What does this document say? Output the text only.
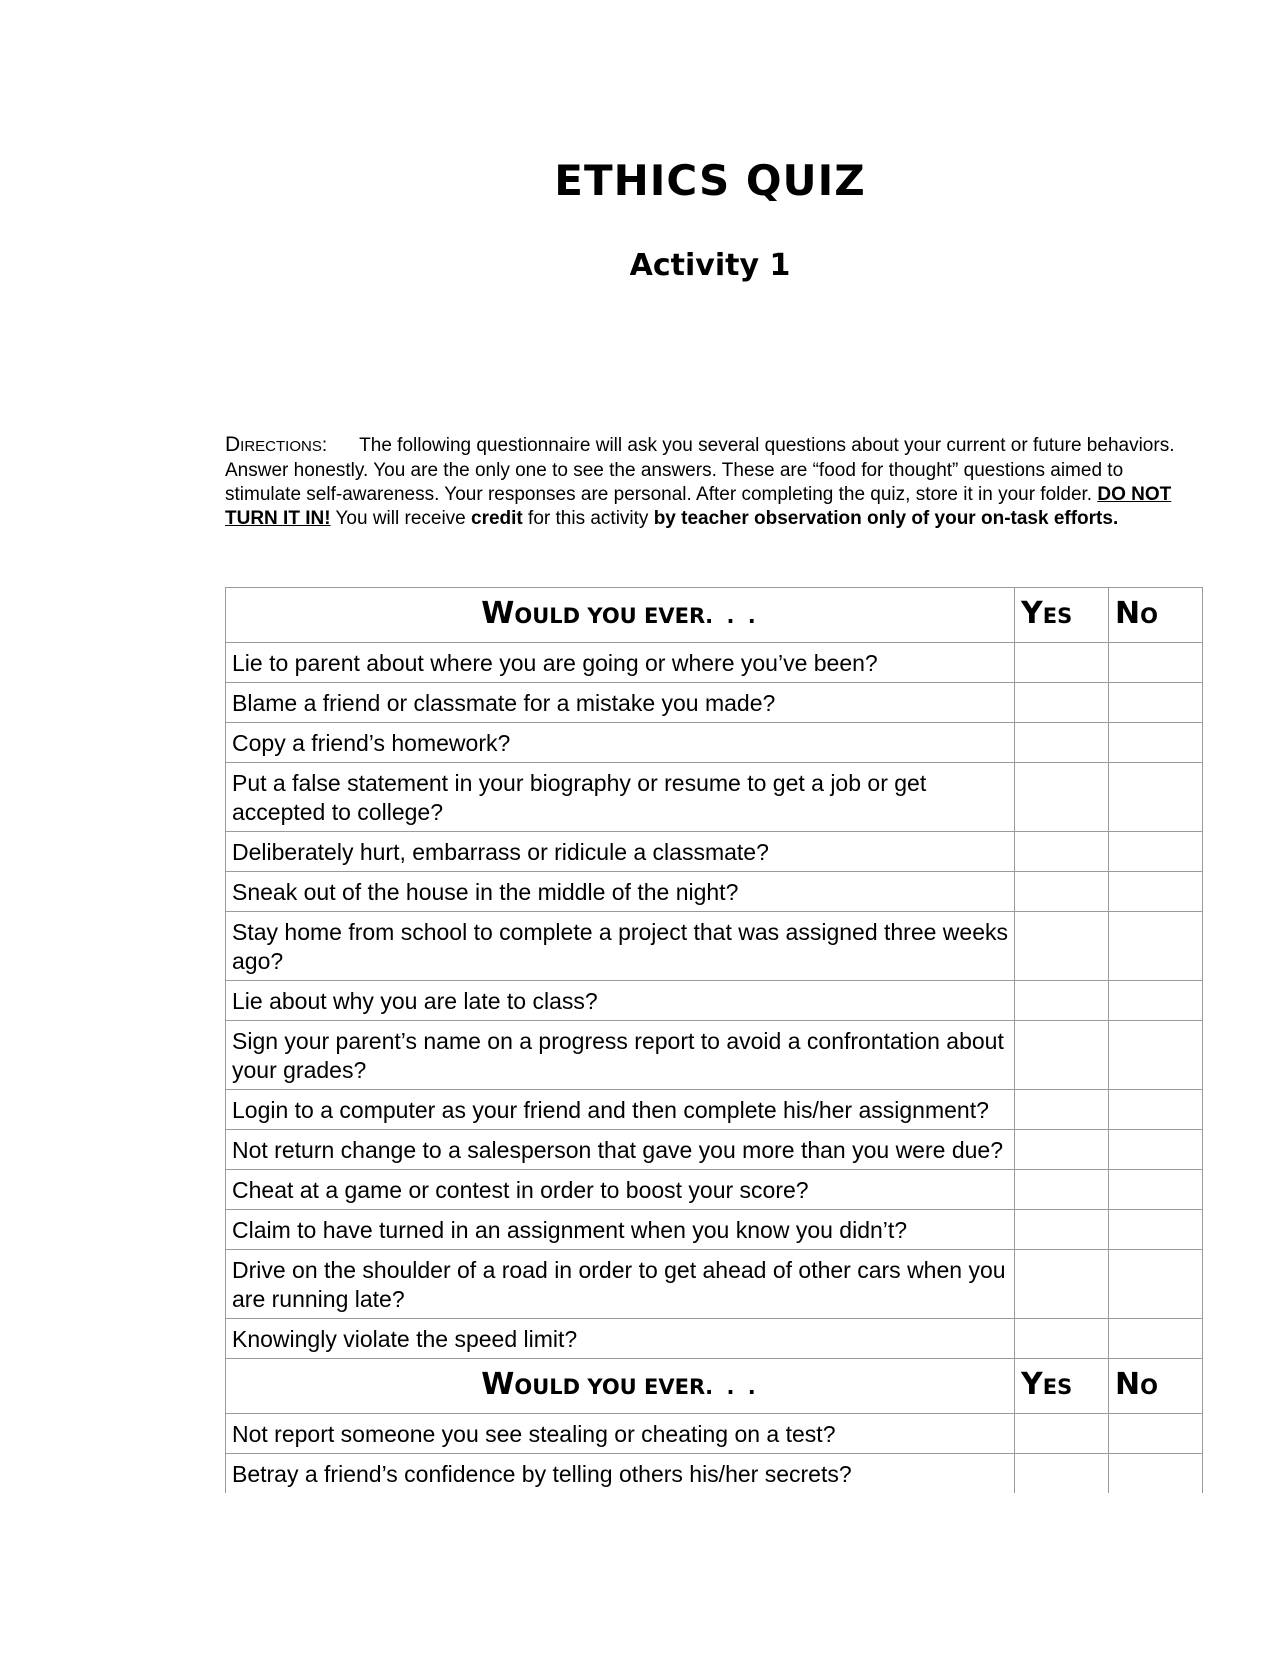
ETHICS QUIZ
Activity 1
DIRECTIONS: The following questionnaire will ask you several questions about your current or future behaviors. Answer honestly. You are the only one to see the answers. These are “food for thought” questions aimed to stimulate self-awareness. Your responses are personal. After completing the quiz, store it in your folder. DO NOT TURN IT IN! You will receive credit for this activity by teacher observation only of your on-task efforts.
WOULD YOU EVER. . .	YES	NO
Lie to parent about where you are going or where you’ve been?		
Blame a friend or classmate for a mistake you made?		
Copy a friend’s homework?		
Put a false statement in your biography or resume to get a job or get accepted to college?		
Deliberately hurt, embarrass or ridicule a classmate?		
Sneak out of the house in the middle of the night?		
Stay home from school to complete a project that was assigned three weeks ago?		
Lie about why you are late to class?		
Sign your parent’s name on a progress report to avoid a confrontation about your grades?		
Login to a computer as your friend and then complete his/her assignment?		
Not return change to a salesperson that gave you more than you were due?		
Cheat at a game or contest in order to boost your score?		
Claim to have turned in an assignment when you know you didn’t?		
Drive on the shoulder of a road in order to get ahead of other cars when you are running late?		
Knowingly violate the speed limit?		
WOULD YOU EVER. . .	YES	NO
Not report someone you see stealing or cheating on a test?		
Betray a friend’s confidence by telling others his/her secrets?		
